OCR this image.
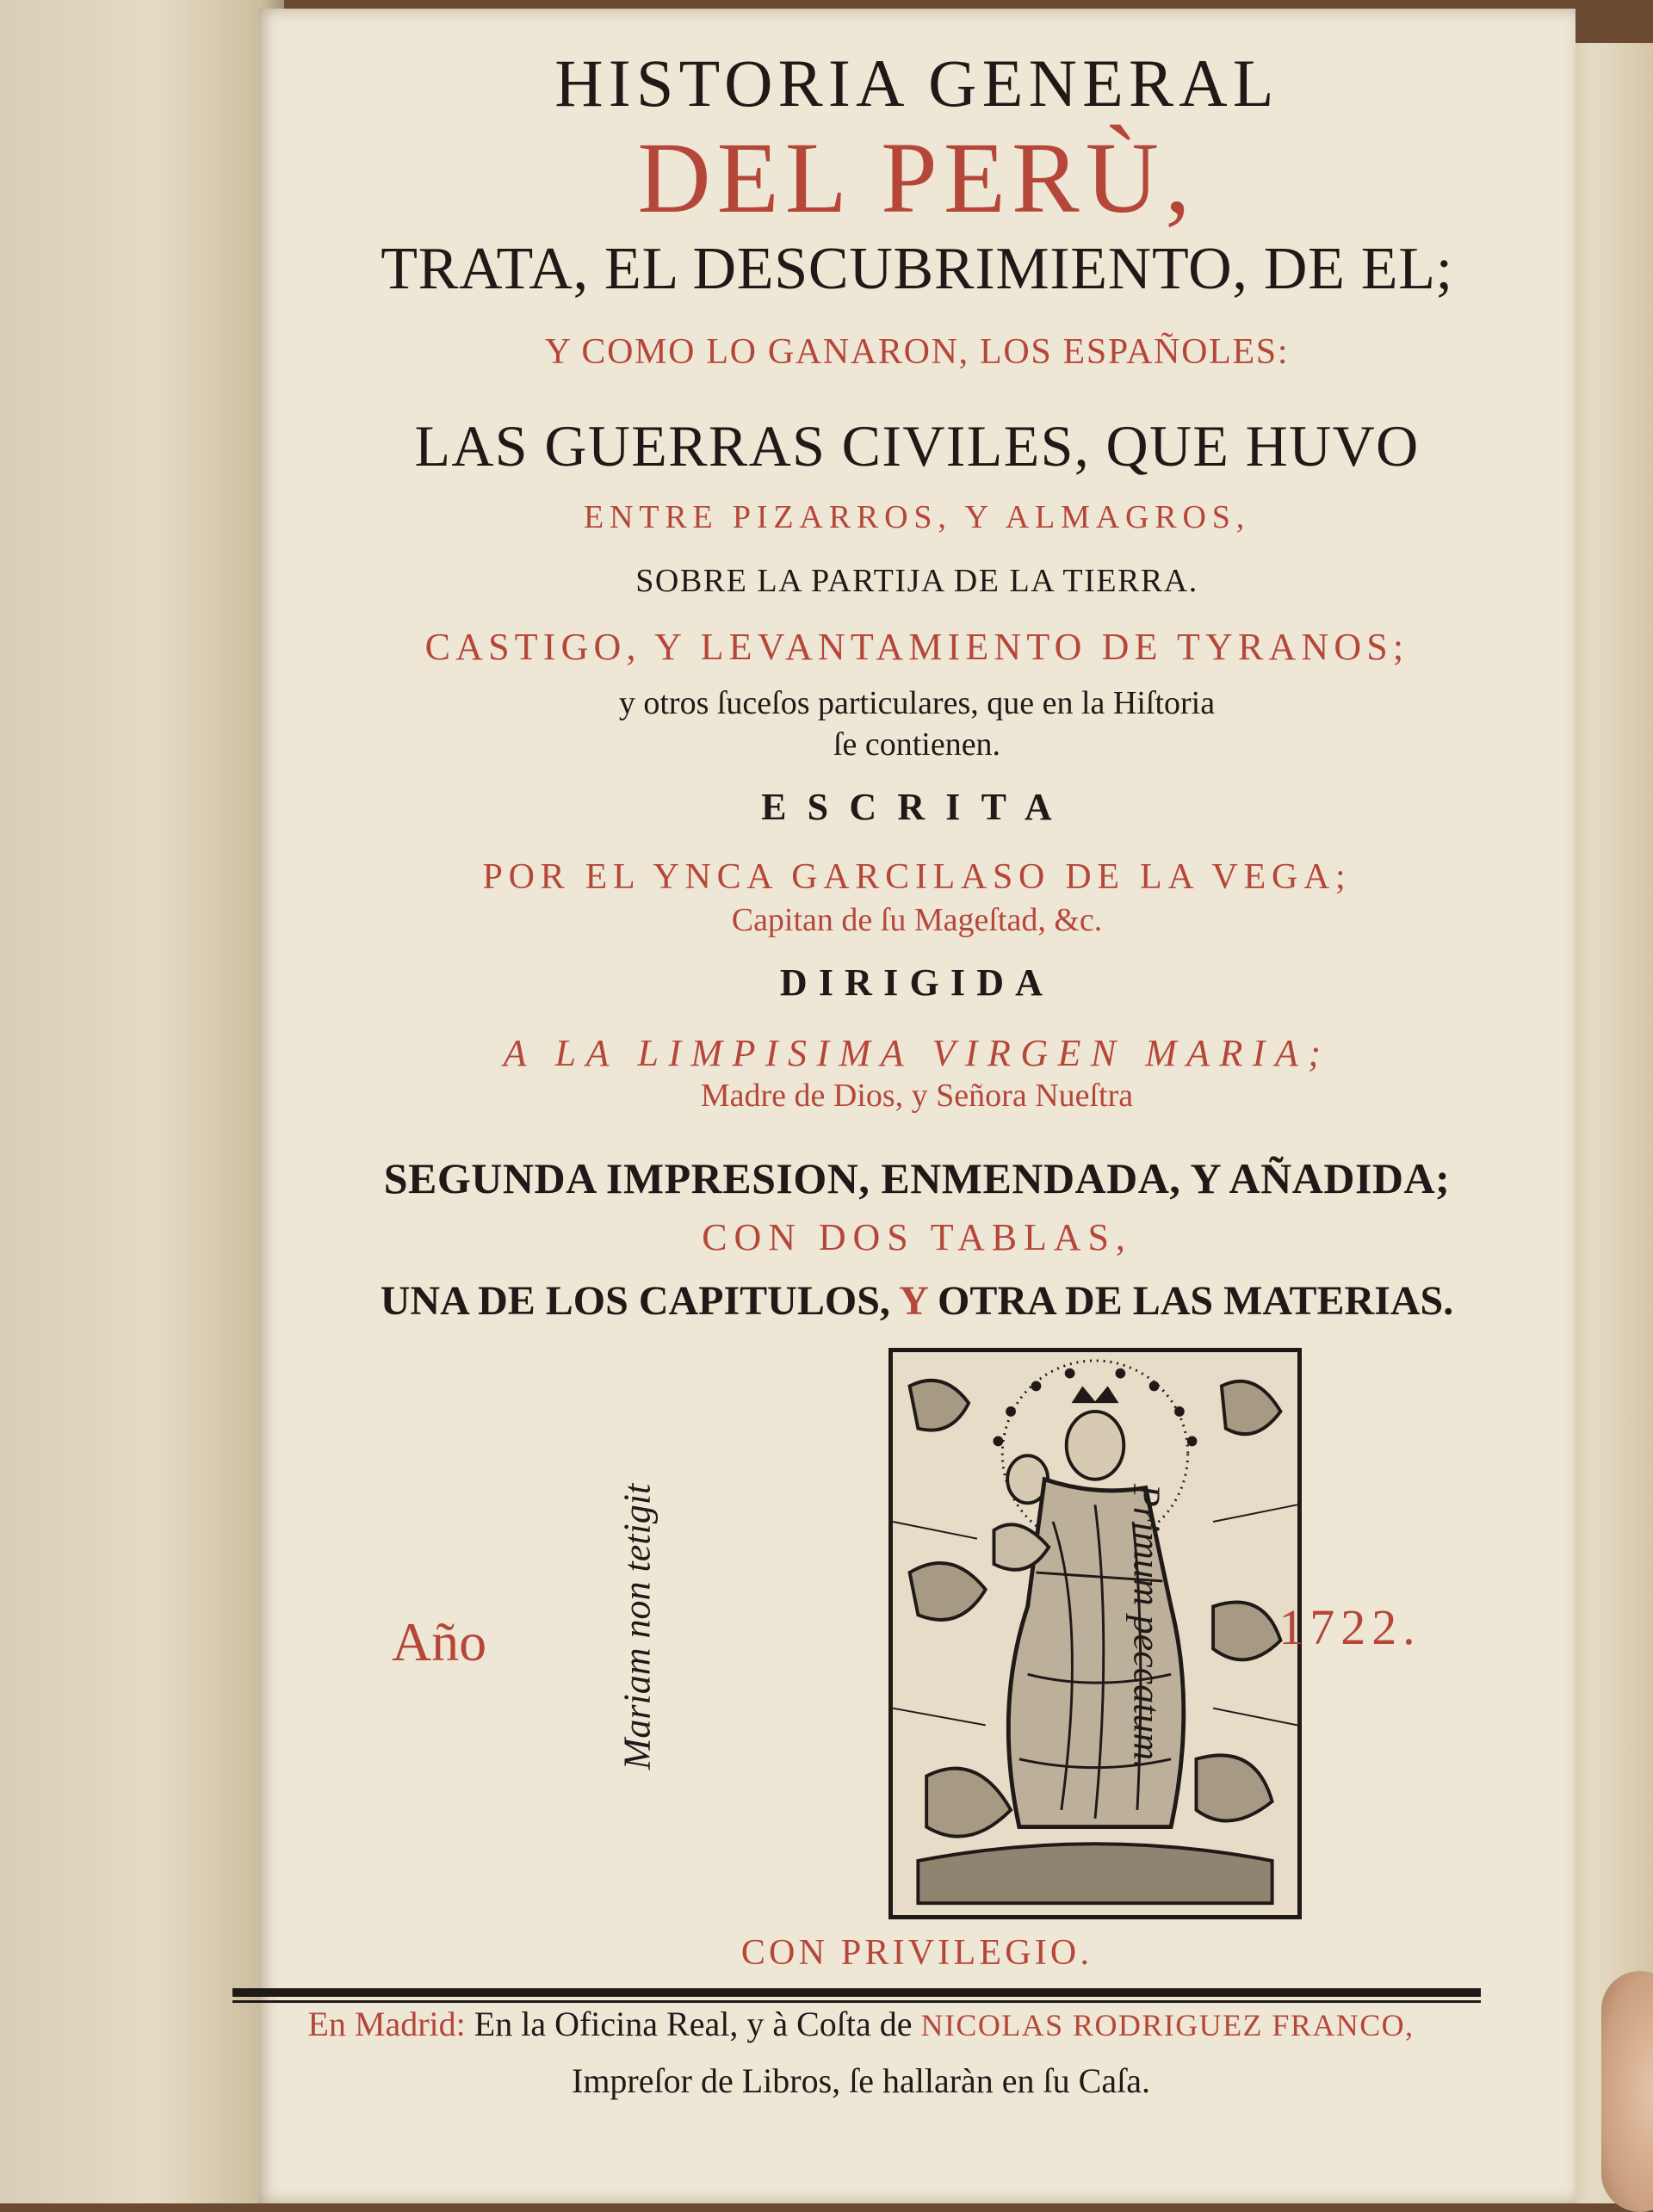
HISTORIA GENERAL
DEL PERÙ,
TRATA, EL DESCUBRIMIENTO, DE EL;
Y COMO LO GANARON, LOS ESPAÑOLES:
LAS GUERRAS CIVILES, QUE HUVO
ENTRE PIZARROS, Y ALMAGROS,
SOBRE LA PARTIJA DE LA TIERRA.
CASTIGO, Y LEVANTAMIENTO DE TYRANOS;
y otros ſuceſos particulares, que en la Hiſtoria
ſe contienen.
ESCRITA
POR EL YNCA GARCILASO DE LA VEGA;
Capitan de ſu Mageſtad, &c.
DIRIGIDA
A LA LIMPISIMA VIRGEN MARIA;
Madre de Dios, y Señora Nueſtra
SEGUNDA IMPRESION, ENMENDADA, Y AÑADIDA;
CON DOS TABLAS,
UNA DE LOS CAPITULOS, Y OTRA DE LAS MATERIAS.
Mariam non tetigit	Primum peccatum.
Año	1722.
CON PRIVILEGIO.
En Madrid: En la Oficina Real, y à Coſta de NICOLAS RODRIGUEZ FRANCO,
Impreſor de Libros, ſe hallaràn en ſu Caſa.
